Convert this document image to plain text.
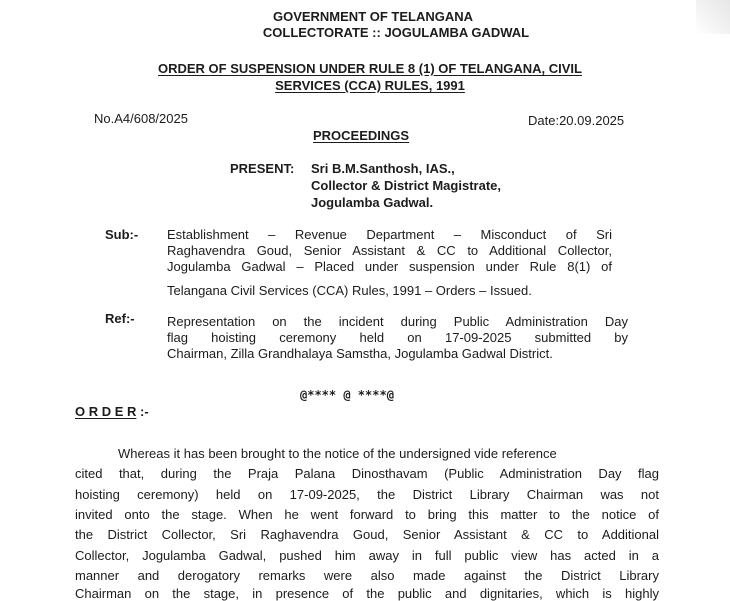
GOVERNMENT OF TELANGANA
COLLECTORATE :: JOGULAMBA GADWAL
ORDER OF SUSPENSION UNDER RULE 8 (1) OF TELANGANA, CIVIL
SERVICES (CCA) RULES, 1991
No.A4/608/2025	Date:20.09.2025
PROCEEDINGS
PRESENT: Sri B.M.Santhosh, IAS.,
Collector & District Magistrate,
Jogulamba Gadwal.
Sub:- Establishment – Revenue Department – Misconduct of Sri
Raghavendra Goud, Senior Assistant & CC to Additional Collector,
Jogulamba Gadwal – Placed under suspension under Rule 8(1) of
Telangana Civil Services (CCA) Rules, 1991 – Orders – Issued.
Ref:- Representation on the incident during Public Administration Day
flag hoisting ceremony held on 17-09-2025 submitted by
Chairman, Zilla Grandhalaya Samstha, Jogulamba Gadwal District.
@**** @ ****@
O R D E R :-
Whereas it has been brought to the notice of the undersigned vide reference
cited that, during the Praja Palana Dinosthavam (Public Administration Day flag
hoisting ceremony) held on 17-09-2025, the District Library Chairman was not
invited onto the stage. When he went forward to bring this matter to the notice of
the District Collector, Sri Raghavendra Goud, Senior Assistant & CC to Additional
Collector, Jogulamba Gadwal, pushed him away in full public view has acted in a
manner and derogatory remarks were also made against the District Library
Chairman on the stage, in presence of the public and dignitaries, which is highly
